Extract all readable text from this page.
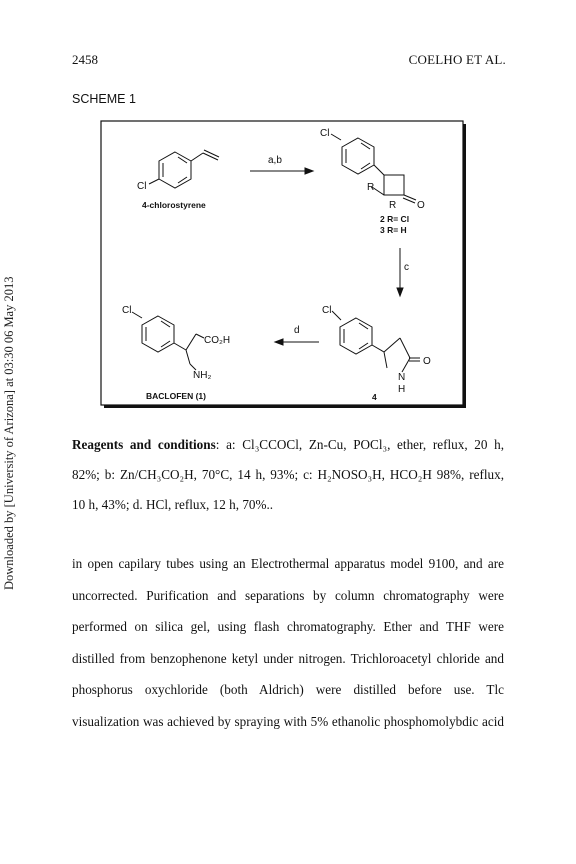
2458	COELHO ET AL.
SCHEME 1
Downloaded by [University of Arizona] at 03:30 06 May 2013
Cl
4-chlorostyrene
a,b
Cl
R
R O
2 R= Cl
3 R= H
c
Cl
O
N
H
4
d
Cl
CO₂H
NH₂
BACLOFEN (1)
Reagents and conditions: a: Cl₃CCOCl, Zn-Cu, POCl₃, ether, reflux, 20 h,
82%; b: Zn/CH₃CO₂H, 70°C, 14 h, 93%; c: H₂NOSO₃H, HCO₂H 98%, reflux,
10 h, 43%; d. HCl, reflux, 12 h, 70%..
in open capilary tubes using an Electrothermal apparatus model 9100, and are
uncorrected. Purification and separations by column chromatography were
performed on silica gel, using flash chromatography. Ether and THF were
distilled from benzophenone ketyl under nitrogen. Trichloroacetyl chloride and
phosphorus oxychloride (both Aldrich) were distilled before use. Tlc
visualization was achieved by spraying with 5% ethanolic phosphomolybdic acid
